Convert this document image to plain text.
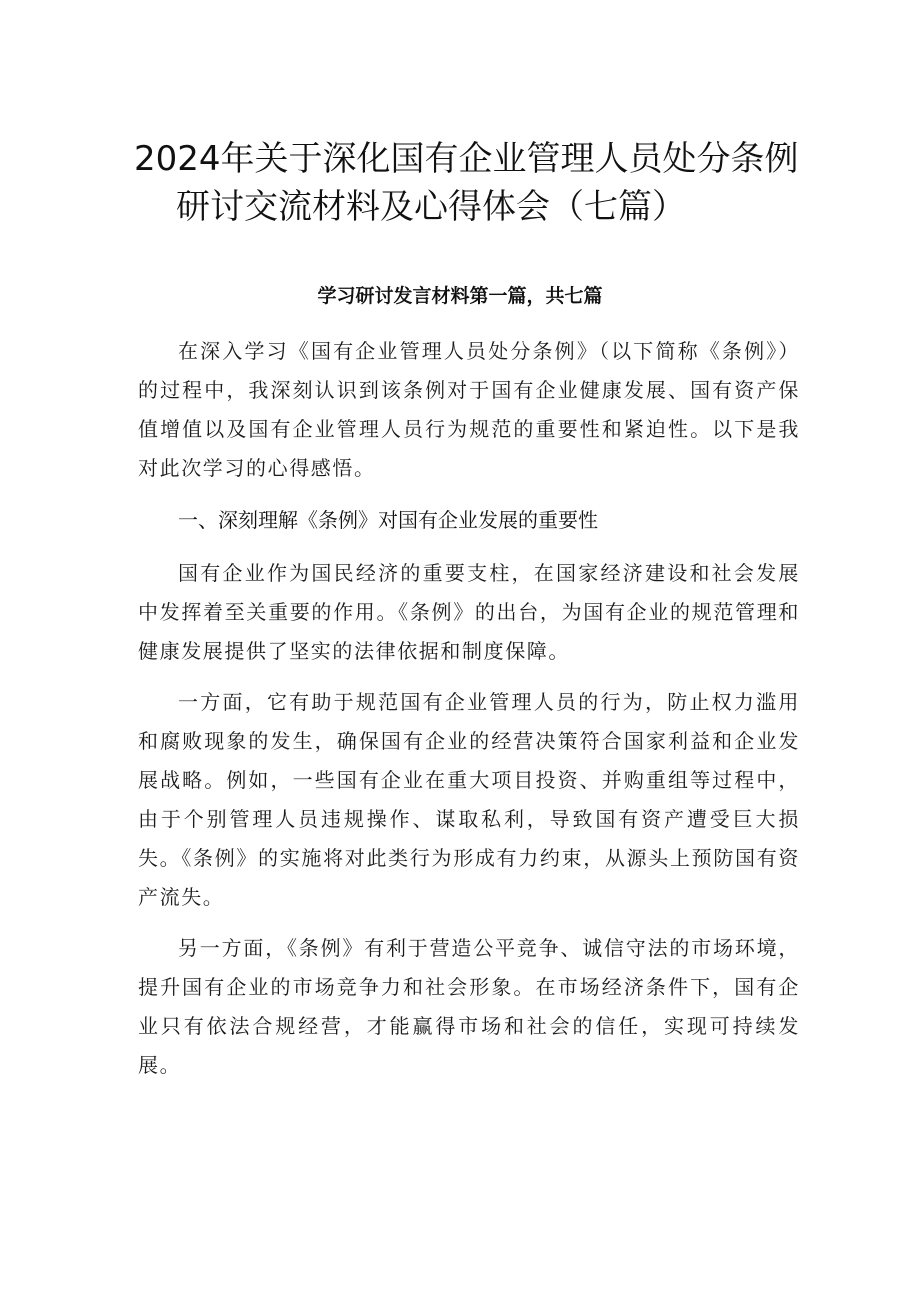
2024年关于深化国有企业管理人员处分条例
研讨交流材料及心得体会（七篇）
学习研讨发言材料第一篇，共七篇

在深入学习《国有企业管理人员处分条例》（以下简称《条例》）的过程中，我深刻认识到该条例对于国有企业健康发展、国有资产保值增值以及国有企业管理人员行为规范的重要性和紧迫性。以下是我对此次学习的心得感悟。

一、深刻理解《条例》对国有企业发展的重要性

国有企业作为国民经济的重要支柱，在国家经济建设和社会发展中发挥着至关重要的作用。《条例》的出台，为国有企业的规范管理和健康发展提供了坚实的法律依据和制度保障。

一方面，它有助于规范国有企业管理人员的行为，防止权力滥用和腐败现象的发生，确保国有企业的经营决策符合国家利益和企业发展战略。例如，一些国有企业在重大项目投资、并购重组等过程中，由于个别管理人员违规操作、谋取私利，导致国有资产遭受巨大损失。《条例》的实施将对此类行为形成有力约束，从源头上预防国有资产流失。

另一方面，《条例》有利于营造公平竞争、诚信守法的市场环境，提升国有企业的市场竞争力和社会形象。在市场经济条件下，国有企业只有依法合规经营，才能赢得市场和社会的信任，实现可持续发展。
